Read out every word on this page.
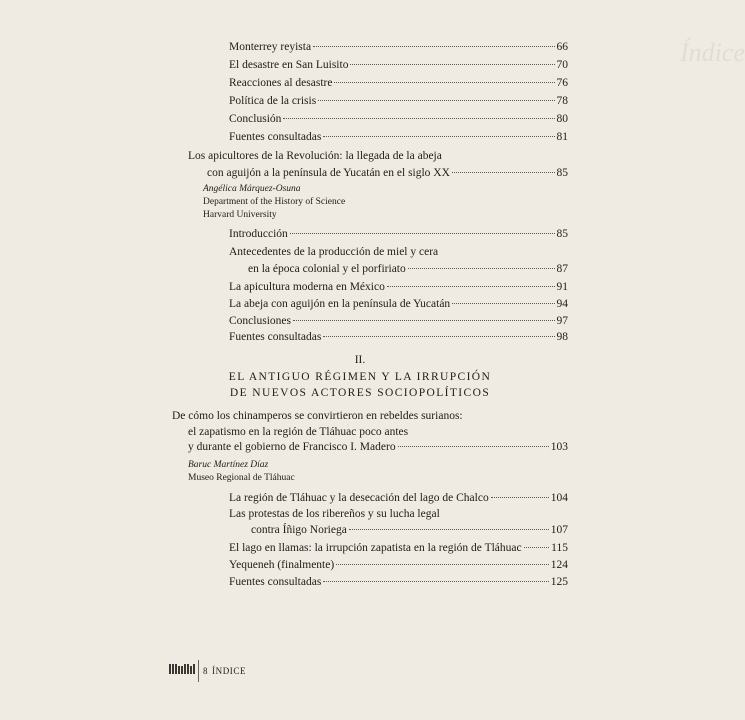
Índice
Monterrey reyista	66
El desastre en San Luisito	70
Reacciones al desastre	76
Política de la crisis	78
Conclusión	80
Fuentes consultadas	81
Los apicultores de la Revolución: la llegada de la abeja
con aguijón a la península de Yucatán en el siglo XX	85
Angélica Márquez-Osuna
Department of the History of Science
Harvard University
Introducción	85
Antecedentes de la producción de miel y cera
en la época colonial y el porfiriato	87
La apicultura moderna en México	91
La abeja con aguijón en la península de Yucatán	94
Conclusiones	97
Fuentes consultadas	98
II.
EL ANTIGUO RÉGIMEN Y LA IRRUPCIÓN
DE NUEVOS ACTORES SOCIOPOLÍTICOS
De cómo los chinamperos se convirtieron en rebeldes surianos:
el zapatismo en la región de Tláhuac poco antes
y durante el gobierno de Francisco I. Madero	103
Baruc Martínez Díaz
Museo Regional de Tláhuac
La región de Tláhuac y la desecación del lago de Chalco	104
Las protestas de los ribereños y su lucha legal
contra Íñigo Noriega	107
El lago en llamas: la irrupción zapatista en la región de Tláhuac	115
Yequeneh (finalmente)	124
Fuentes consultadas	125
8 ÍNDICE
